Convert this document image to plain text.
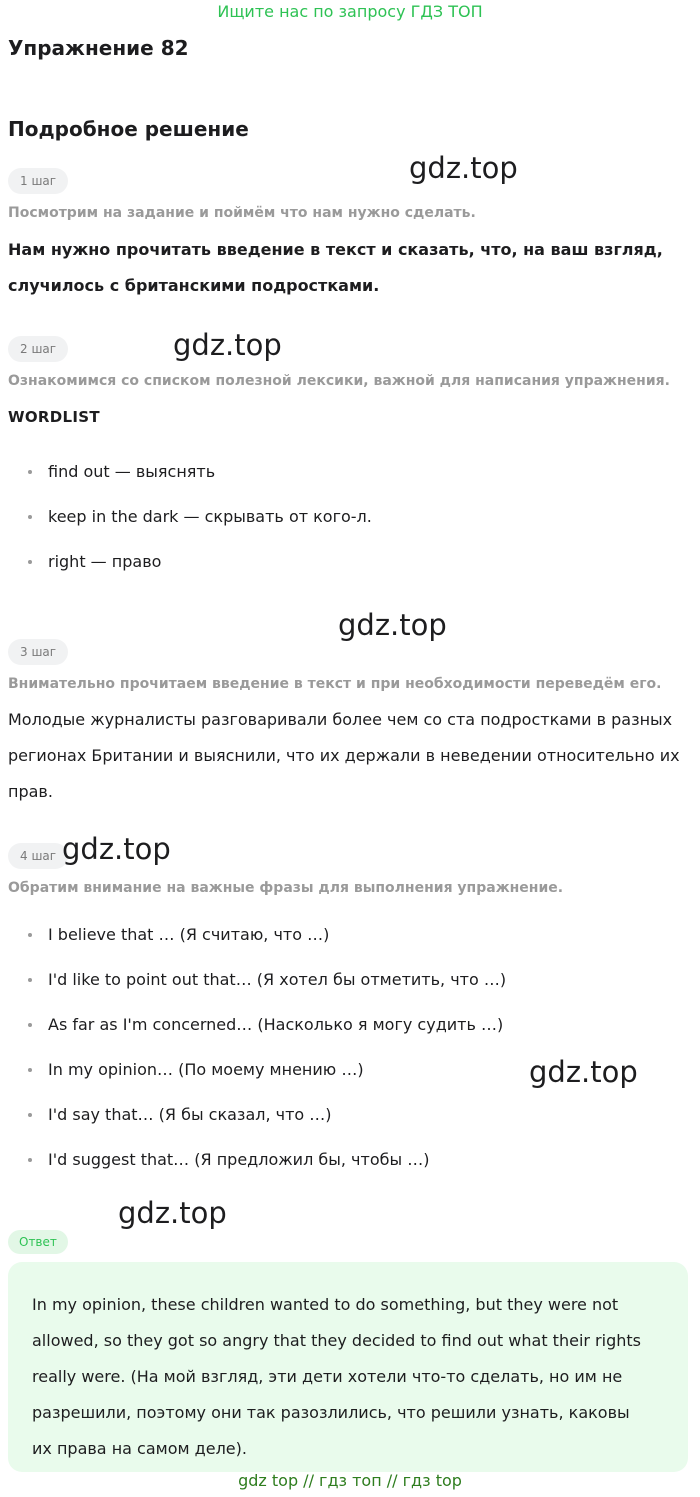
Ищите нас по запросу ГДЗ ТОП
Упражнение 82
Подробное решение
1 шаг	gdz.top
Посмотрим на задание и поймём что нам нужно сделать.
Нам нужно прочитать введение в текст и сказать, что, на ваш взгляд, случилось с британскими подростками.
2 шаг	gdz.top
Ознакомимся со списком полезной лексики, важной для написания упражнения.
WORDLIST
find out — выяснять
keep in the dark — скрывать от кого-л.
right — право
gdz.top
3 шаг
Внимательно прочитаем введение в текст и при необходимости переведём его.
Молодые журналисты разговаривали более чем со ста подростками в разных регионах Британии и выяснили, что их держали в неведении относительно их прав.
4 шаг gdz.top
Обратим внимание на важные фразы для выполнения упражнение.
I believe that … (Я считаю, что …)
I'd like to point out that… (Я хотел бы отметить, что …)
As far as I'm concerned… (Насколько я могу судить …)
In my opinion… (По моему мнению …)
I'd say that… (Я бы сказал, что …)
I'd suggest that… (Я предложил бы, чтобы …)
gdz.top
gdz.top
Ответ
In my opinion, these children wanted to do something, but they were not allowed, so they got so angry that they decided to find out what their rights really were. (На мой взгляд, эти дети хотели что-то сделать, но им не разрешили, поэтому они так разозлились, что решили узнать, каковы их права на самом деле).
gdz top // гдз топ // гдз top
